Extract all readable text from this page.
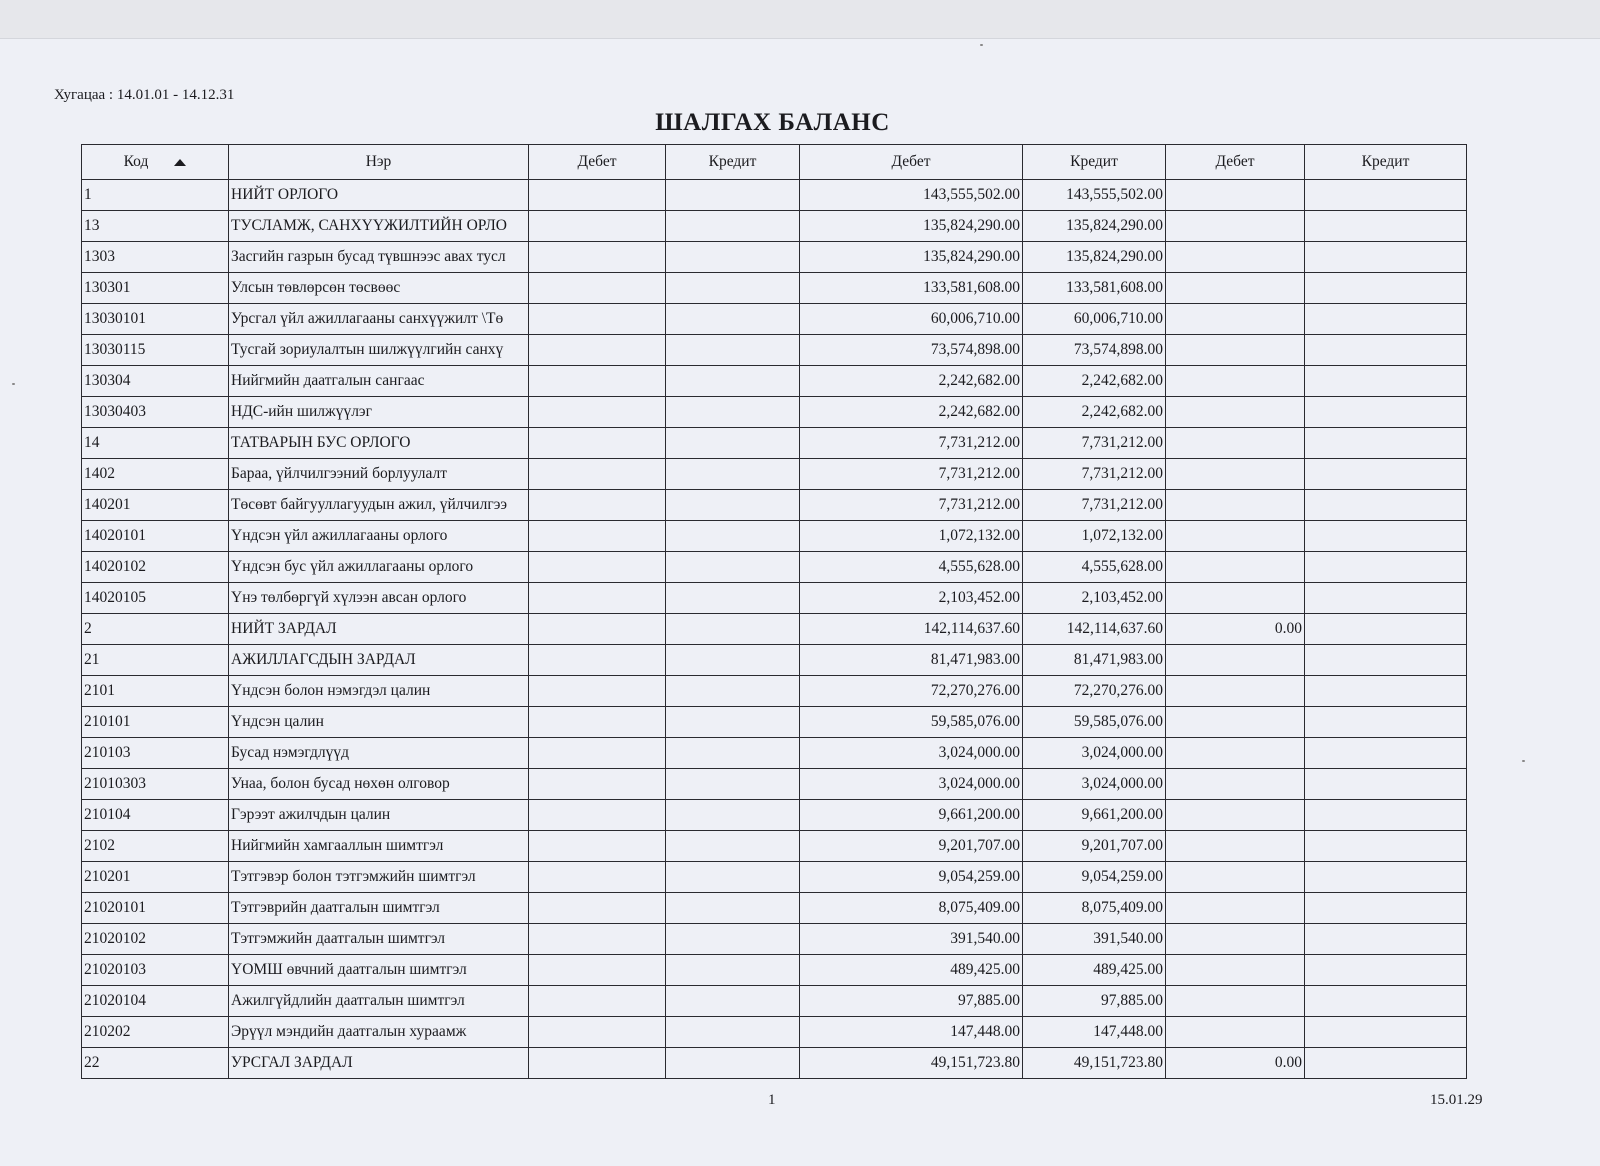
Хугацаа : 14.01.01 - 14.12.31
ШАЛГАХ БАЛАНС
Код	Нэр	Дебет	Кредит	Дебет	Кредит	Дебет	Кредит
1	НИЙТ ОРЛОГО			143,555,502.00	143,555,502.00		
13	ТУСЛАМЖ, САНХҮҮЖИЛТИЙН ОРЛО			135,824,290.00	135,824,290.00		
1303	Засгийн газрын бусад түвшнээс авах тусл			135,824,290.00	135,824,290.00		
130301	Улсын төвлөрсөн төсвөөс			133,581,608.00	133,581,608.00		
13030101	Урсгал үйл ажиллагааны санхүүжилт \Тө			60,006,710.00	60,006,710.00		
13030115	Тусгай зориулалтын шилжүүлгийн санхү			73,574,898.00	73,574,898.00		
130304	Нийгмийн даатгалын сангаас			2,242,682.00	2,242,682.00		
13030403	НДС-ийн шилжүүлэг			2,242,682.00	2,242,682.00		
14	ТАТВАРЫН БУС ОРЛОГО			7,731,212.00	7,731,212.00		
1402	Бараа, үйлчилгээний борлуулалт			7,731,212.00	7,731,212.00		
140201	Төсөвт байгууллагуудын ажил, үйлчилгээ			7,731,212.00	7,731,212.00		
14020101	Үндсэн үйл ажиллагааны орлого			1,072,132.00	1,072,132.00		
14020102	Үндсэн бус үйл ажиллагааны орлого			4,555,628.00	4,555,628.00		
14020105	Үнэ төлбөргүй хүлээн авсан орлого			2,103,452.00	2,103,452.00		
2	НИЙТ ЗАРДАЛ			142,114,637.60	142,114,637.60	0.00	
21	АЖИЛЛАГСДЫН ЗАРДАЛ			81,471,983.00	81,471,983.00		
2101	Үндсэн болон нэмэгдэл цалин			72,270,276.00	72,270,276.00		
210101	Үндсэн цалин			59,585,076.00	59,585,076.00		
210103	Бусад нэмэгдлүүд			3,024,000.00	3,024,000.00		
21010303	Унаа, болон бусад нөхөн олговор			3,024,000.00	3,024,000.00		
210104	Гэрээт ажилчдын цалин			9,661,200.00	9,661,200.00		
2102	Нийгмийн хамгааллын шимтгэл			9,201,707.00	9,201,707.00		
210201	Тэтгэвэр болон тэтгэмжийн шимтгэл			9,054,259.00	9,054,259.00		
21020101	Тэтгэврийн даатгалын шимтгэл			8,075,409.00	8,075,409.00		
21020102	Тэтгэмжийн даатгалын шимтгэл			391,540.00	391,540.00		
21020103	ҮОМШ өвчний даатгалын шимтгэл			489,425.00	489,425.00		
21020104	Ажилгүйдлийн даатгалын шимтгэл			97,885.00	97,885.00		
210202	Эрүүл мэндийн даатгалын хураамж			147,448.00	147,448.00		
22	УРСГАЛ ЗАРДАЛ			49,151,723.80	49,151,723.80	0.00	
1	15.01.29
